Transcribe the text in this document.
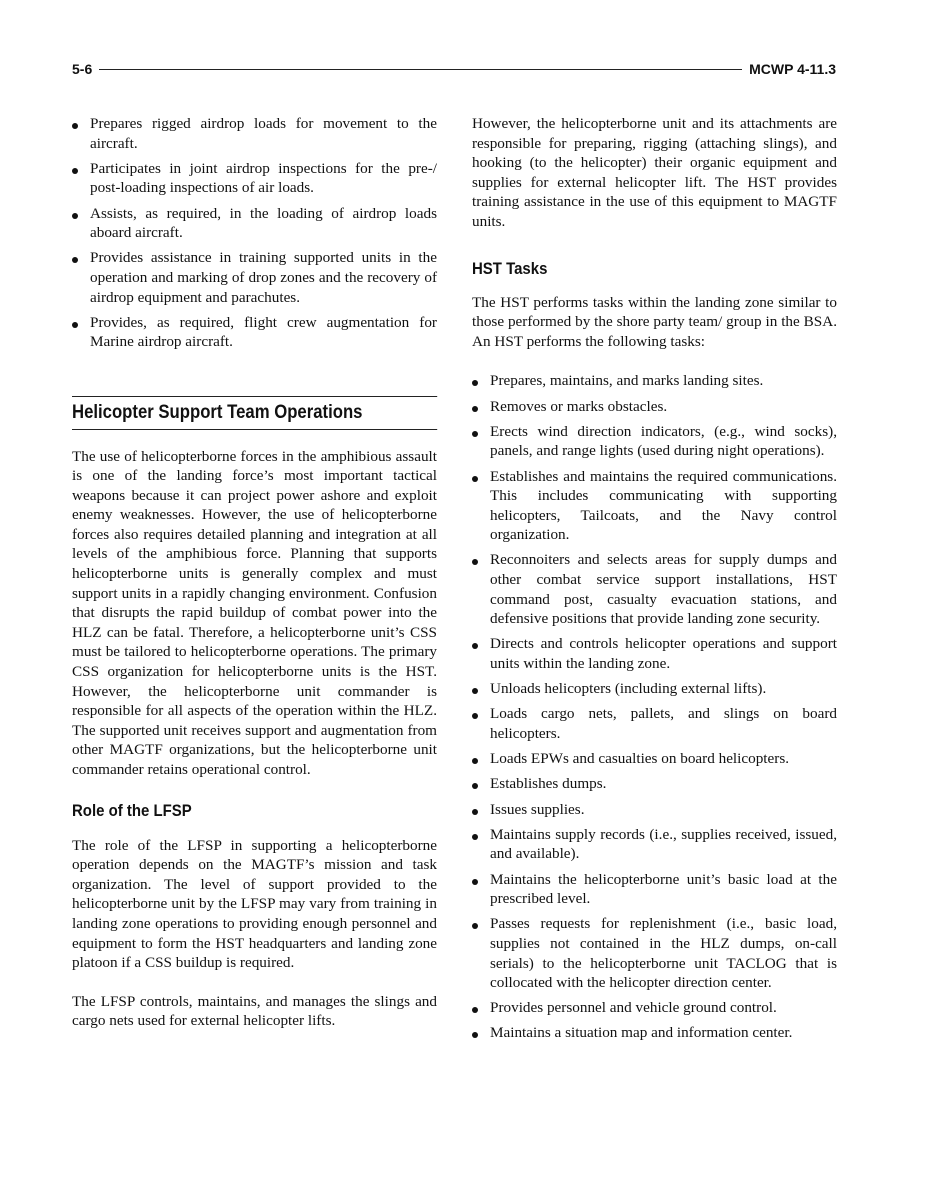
5-6	MCWP 4-11.3
Prepares rigged airdrop loads for movement to the aircraft.
Participates in joint airdrop inspections for the pre-/ post-loading inspections of air loads.
Assists, as required, in the loading of airdrop loads aboard aircraft.
Provides assistance in training supported units in the operation and marking of drop zones and the recovery of airdrop equipment and parachutes.
Provides, as required, flight crew augmentation for Marine airdrop aircraft.
Helicopter Support Team Operations

The use of helicopterborne forces in the amphibious assault is one of the landing force’s most important tactical weapons because it can project power ashore and exploit enemy weaknesses. However, the use of helicopterborne forces also requires detailed planning and integration at all levels of the amphibious force. Planning that supports helicopterborne units is generally complex and must support units in a rapidly changing environment. Confusion that disrupts the rapid buildup of combat power into the HLZ can be fatal. Therefore, a helicopterborne unit’s CSS must be tailored to helicopterborne operations. The primary CSS organization for helicopterborne units is the HST. However, the helicopterborne unit commander is responsible for all aspects of the operation within the HLZ. The supported unit receives support and augmentation from other MAGTF organizations, but the helicopterborne unit commander retains operational control.

Role of the LFSP

The role of the LFSP in supporting a helicopterborne operation depends on the MAGTF’s mission and task organization. The level of support provided to the helicopterborne unit by the LFSP may vary from training in landing zone operations to providing enough personnel and equipment to form the HST headquarters and landing zone platoon if a CSS buildup is required.

The LFSP controls, maintains, and manages the slings and cargo nets used for external helicopter lifts.

However, the helicopterborne unit and its attachments are responsible for preparing, rigging (attaching slings), and hooking (to the helicopter) their organic equipment and supplies for external helicopter lift. The HST provides training assistance in the use of this equipment to MAGTF units.

HST Tasks

The HST performs tasks within the landing zone similar to those performed by the shore party team/ group in the BSA. An HST performs the following tasks:

Prepares, maintains, and marks landing sites.
Removes or marks obstacles.
Erects wind direction indicators, (e.g., wind socks), panels, and range lights (used during night operations).
Establishes and maintains the required communications. This includes communicating with supporting helicopters, Tailcoats, and the Navy control organization.
Reconnoiters and selects areas for supply dumps and other combat service support installations, HST command post, casualty evacuation stations, and defensive positions that provide landing zone security.
Directs and controls helicopter operations and support units within the landing zone.
Unloads helicopters (including external lifts).
Loads cargo nets, pallets, and slings on board helicopters.
Loads EPWs and casualties on board helicopters.
Establishes dumps.
Issues supplies.
Maintains supply records (i.e., supplies received, issued, and available).
Maintains the helicopterborne unit’s basic load at the prescribed level.
Passes requests for replenishment (i.e., basic load, supplies not contained in the HLZ dumps, on-call serials) to the helicopterborne unit TACLOG that is collocated with the helicopter direction center.
Provides personnel and vehicle ground control.
Maintains a situation map and information center.
